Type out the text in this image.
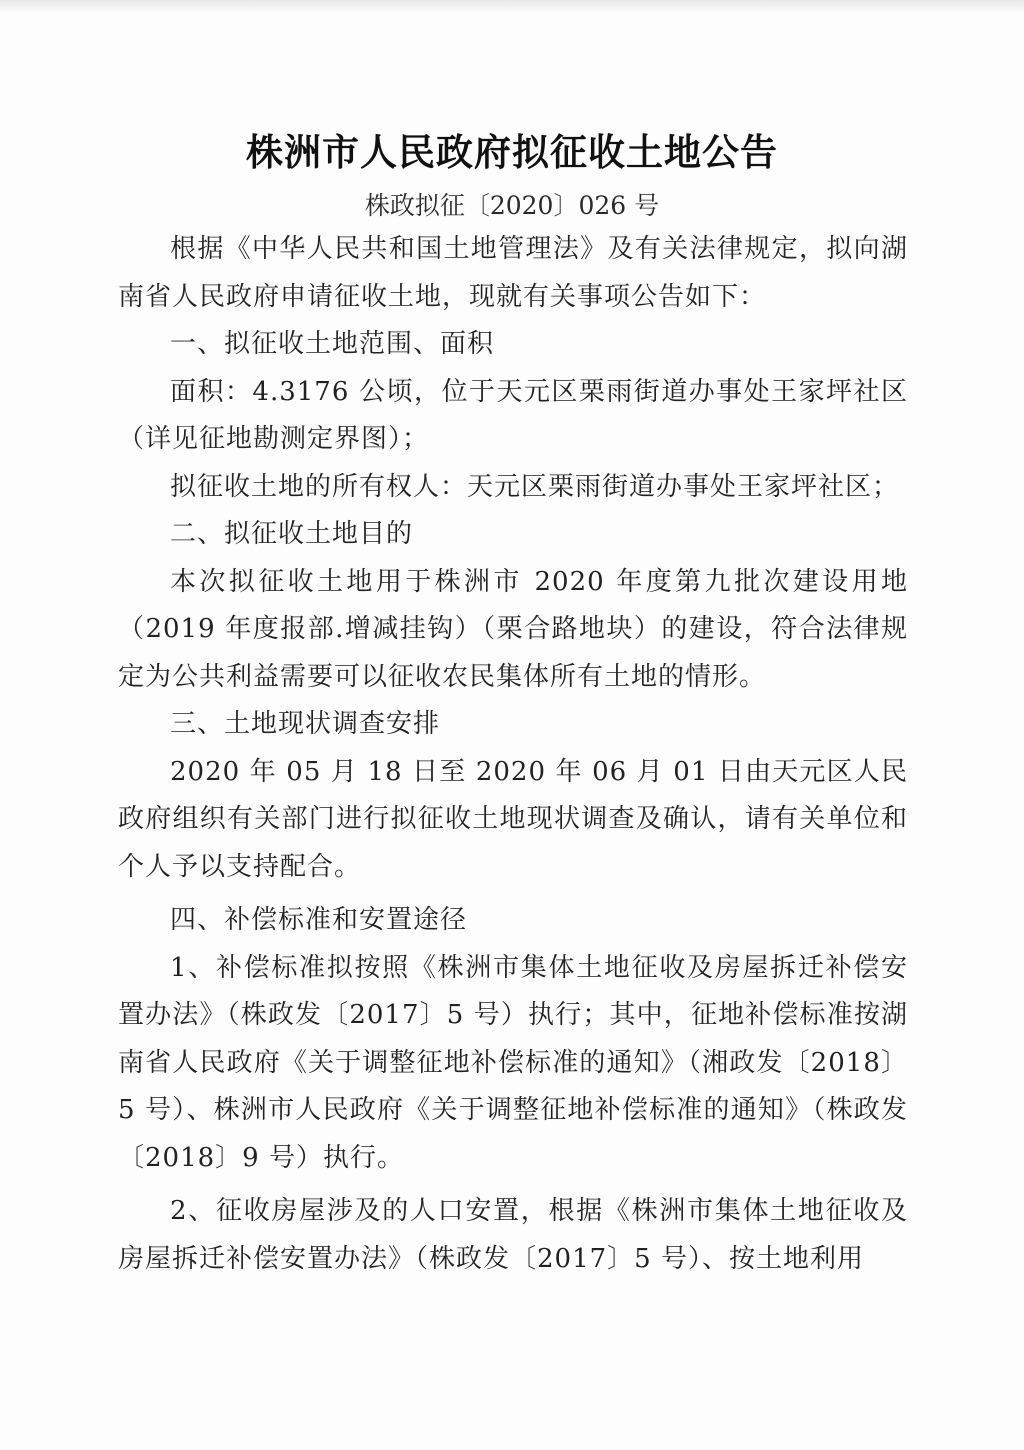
株洲市人民政府拟征收土地公告
株政拟征〔2020〕026 号

根据《中华人民共和国土地管理法》及有关法律规定，拟向湖南省人民政府申请征收土地，现就有关事项公告如下：

一、拟征收土地范围、面积

面积：4.3176 公顷，位于天元区栗雨街道办事处王家坪社区（详见征地勘测定界图）；

拟征收土地的所有权人：天元区栗雨街道办事处王家坪社区；

二、拟征收土地目的

本次拟征收土地用于株洲市 2020 年度第九批次建设用地（2019 年度报部.增减挂钩）（栗合路地块）的建设，符合法律规定为公共利益需要可以征收农民集体所有土地的情形。

三、土地现状调查安排

2020 年 05 月 18 日至 2020 年 06 月 01 日由天元区人民政府组织有关部门进行拟征收土地现状调查及确认，请有关单位和个人予以支持配合。

四、补偿标准和安置途径

1、补偿标准拟按照《株洲市集体土地征收及房屋拆迁补偿安置办法》（株政发〔2017〕5 号）执行；其中，征地补偿标准按湖南省人民政府《关于调整征地补偿标准的通知》（湘政发〔2018〕5 号）、株洲市人民政府《关于调整征地补偿标准的通知》（株政发〔2018〕9 号）执行。

2、征收房屋涉及的人口安置，根据《株洲市集体土地征收及房屋拆迁补偿安置办法》（株政发〔2017〕5 号）、按土地利用
